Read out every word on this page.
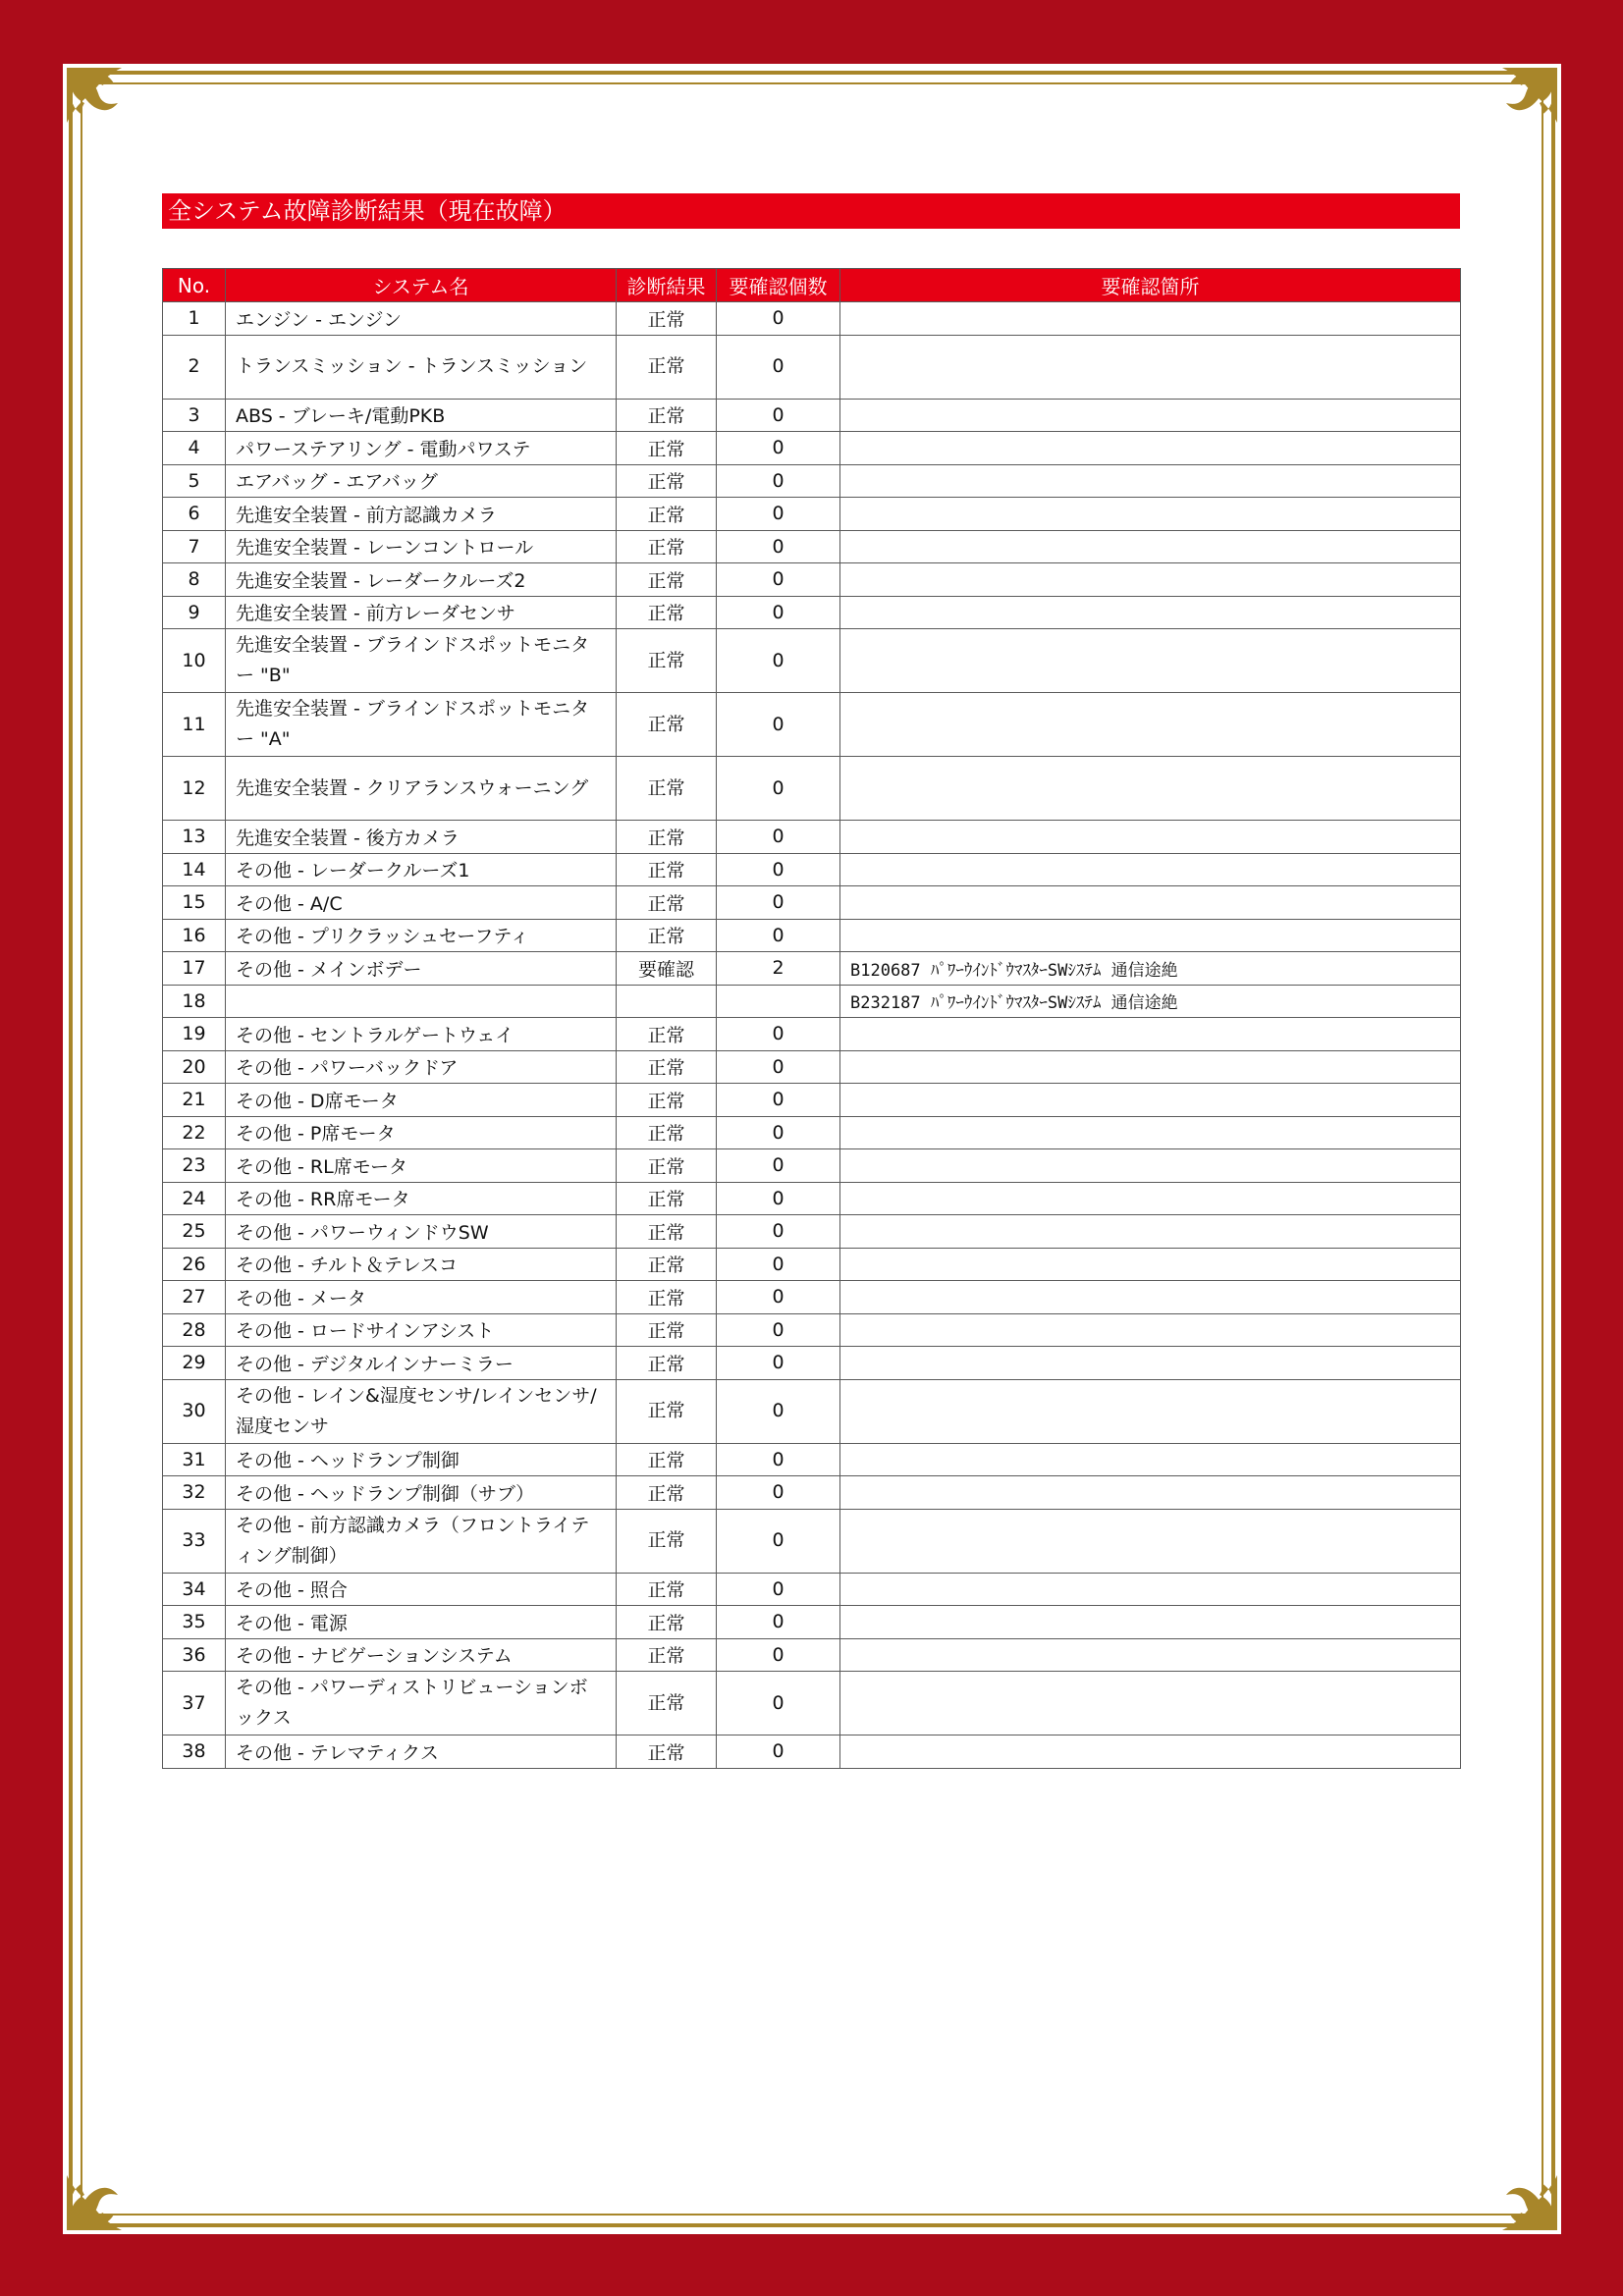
全システム故障診断結果（現在故障）
No.	システム名	診断結果	要確認個数	要確認箇所
1	エンジン - エンジン	正常	0	
2	トランスミッション - トランスミッション	正常	0	
3	ABS - ブレーキ/電動PKB	正常	0	
4	パワーステアリング - 電動パワステ	正常	0	
5	エアバッグ - エアバッグ	正常	0	
6	先進安全装置 - 前方認識カメラ	正常	0	
7	先進安全装置 - レーンコントロール	正常	0	
8	先進安全装置 - レーダークルーズ2	正常	0	
9	先進安全装置 - 前方レーダセンサ	正常	0	
10	先進安全装置 - ブラインドスポットモニター "B"	正常	0	
11	先進安全装置 - ブラインドスポットモニター "A"	正常	0	
12	先進安全装置 - クリアランスウォーニング	正常	0	
13	先進安全装置 - 後方カメラ	正常	0	
14	その他 - レーダークルーズ1	正常	0	
15	その他 - A/C	正常	0	
16	その他 - プリクラッシュセーフティ	正常	0	
17	その他 - メインボデー	要確認	2	B120687 ﾊﾟﾜｰｳｲﾝﾄﾞｳﾏｽﾀｰSWｼｽﾃﾑ 通信途絶
18				B232187 ﾊﾟﾜｰｳｲﾝﾄﾞｳﾏｽﾀｰSWｼｽﾃﾑ 通信途絶
19	その他 - セントラルゲートウェイ	正常	0	
20	その他 - パワーバックドア	正常	0	
21	その他 - D席モータ	正常	0	
22	その他 - P席モータ	正常	0	
23	その他 - RL席モータ	正常	0	
24	その他 - RR席モータ	正常	0	
25	その他 - パワーウィンドウSW	正常	0	
26	その他 - チルト＆テレスコ	正常	0	
27	その他 - メータ	正常	0	
28	その他 - ロードサインアシスト	正常	0	
29	その他 - デジタルインナーミラー	正常	0	
30	その他 - レイン&湿度センサ/レインセンサ/湿度センサ	正常	0	
31	その他 - ヘッドランプ制御	正常	0	
32	その他 - ヘッドランプ制御（サブ）	正常	0	
33	その他 - 前方認識カメラ（フロントライティング制御）	正常	0	
34	その他 - 照合	正常	0	
35	その他 - 電源	正常	0	
36	その他 - ナビゲーションシステム	正常	0	
37	その他 - パワーディストリビューションボックス	正常	0	
38	その他 - テレマティクス	正常	0	
